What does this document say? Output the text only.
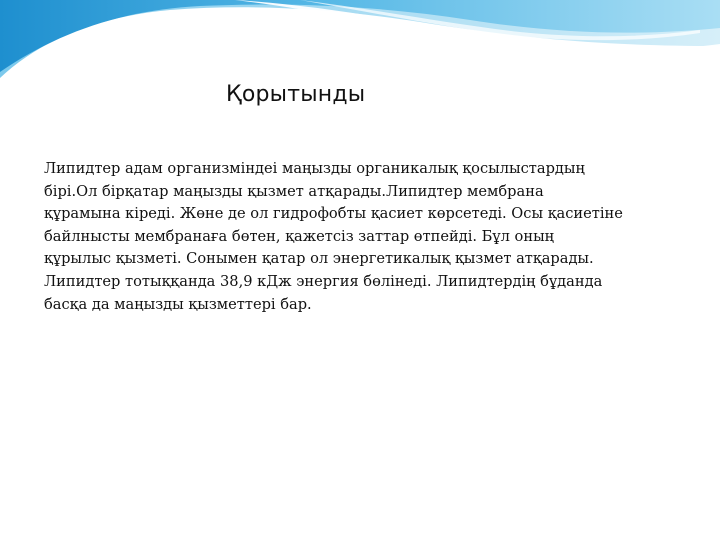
Қорытынды
Липидтер адам организміндеі маңызды органикалық қосылыстардың
бірі.Ол бірқатар маңызды қызмет атқарады.Липидтер мембрана
құрамына кіреді. Жөне де ол гидрофобты қасиет көрсетеді. Осы қасиетіне
байлнысты мембранаға бөтен, қажетсіз заттар өтпейді. Бұл оның
құрылыс қызметі. Сонымен қатар ол энергетикалық қызмет атқарады.
Липидтер тотыққанда 38,9 кДж энергия бөлінеді. Липидтердің бұданда
басқа да маңызды қызметтері бар.
